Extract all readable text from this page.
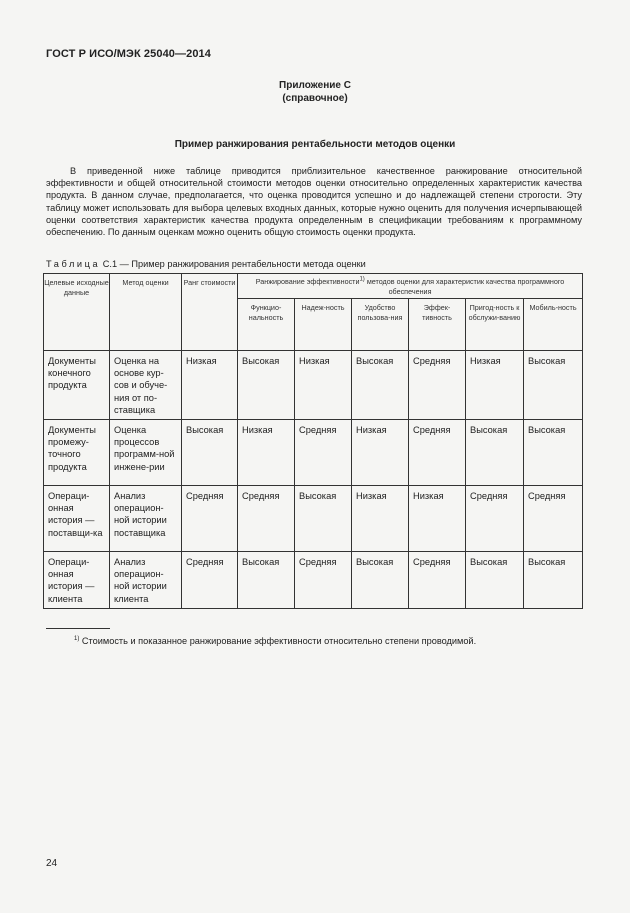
ГОСТ Р ИСО/МЭК 25040—2014
Приложение С
(справочное)
Пример ранжирования рентабельности методов оценки

В приведенной ниже таблице приводится приблизительное качественное ранжирование относительной эффективности и общей относительной стоимости методов оценки относительно определенных характеристик качества продукта. В данном случае, предполагается, что оценка проводится успешно и до надлежащей степени строгости. Эту таблицу может использовать для выбора целевых входных данных, которые нужно оценить для получения исчерпывающей оценки соответствия характеристик качества продукта определенным в спецификации требованиям к программному обеспечению. По данным оценкам можно оценить общую стоимость оценки продукта.

Таблица С.1 — Пример ранжирования рентабельности метода оценки
Целевые исходные данные	Метод оценки	Ранг стоимости	Ранжирование эффективности$^{1)}$ методов оценки для характеристик качества программного обеспечения					
			Функцио-нальность	Надеж-ность	Удобство пользова-ния	Эффек-тивность	Пригод-ность к обслужи-ванию	Мобиль-ность
Документы конечного продукта	Оценка на основе кур-сов и обуче-ния от по-ставщика	Низкая	Высокая	Низкая	Высокая	Средняя	Низкая	Высокая
Документы промежу-точного продукта	Оценка процессов программ-ной инжене-рии	Высокая	Низкая	Средняя	Низкая	Средняя	Высокая	Высокая
Операци-онная история — поставщи-ка	Анализ операцион-ной истории поставщика	Средняя	Средняя	Высокая	Низкая	Низкая	Средняя	Средняя
Операци-онная история — клиента	Анализ операцион-ной истории клиента	Средняя	Высокая	Средняя	Высокая	Средняя	Высокая	Высокая
$^{1)}$ Стоимость и показанное ранжирование эффективности относительно степени проводимой.
24
